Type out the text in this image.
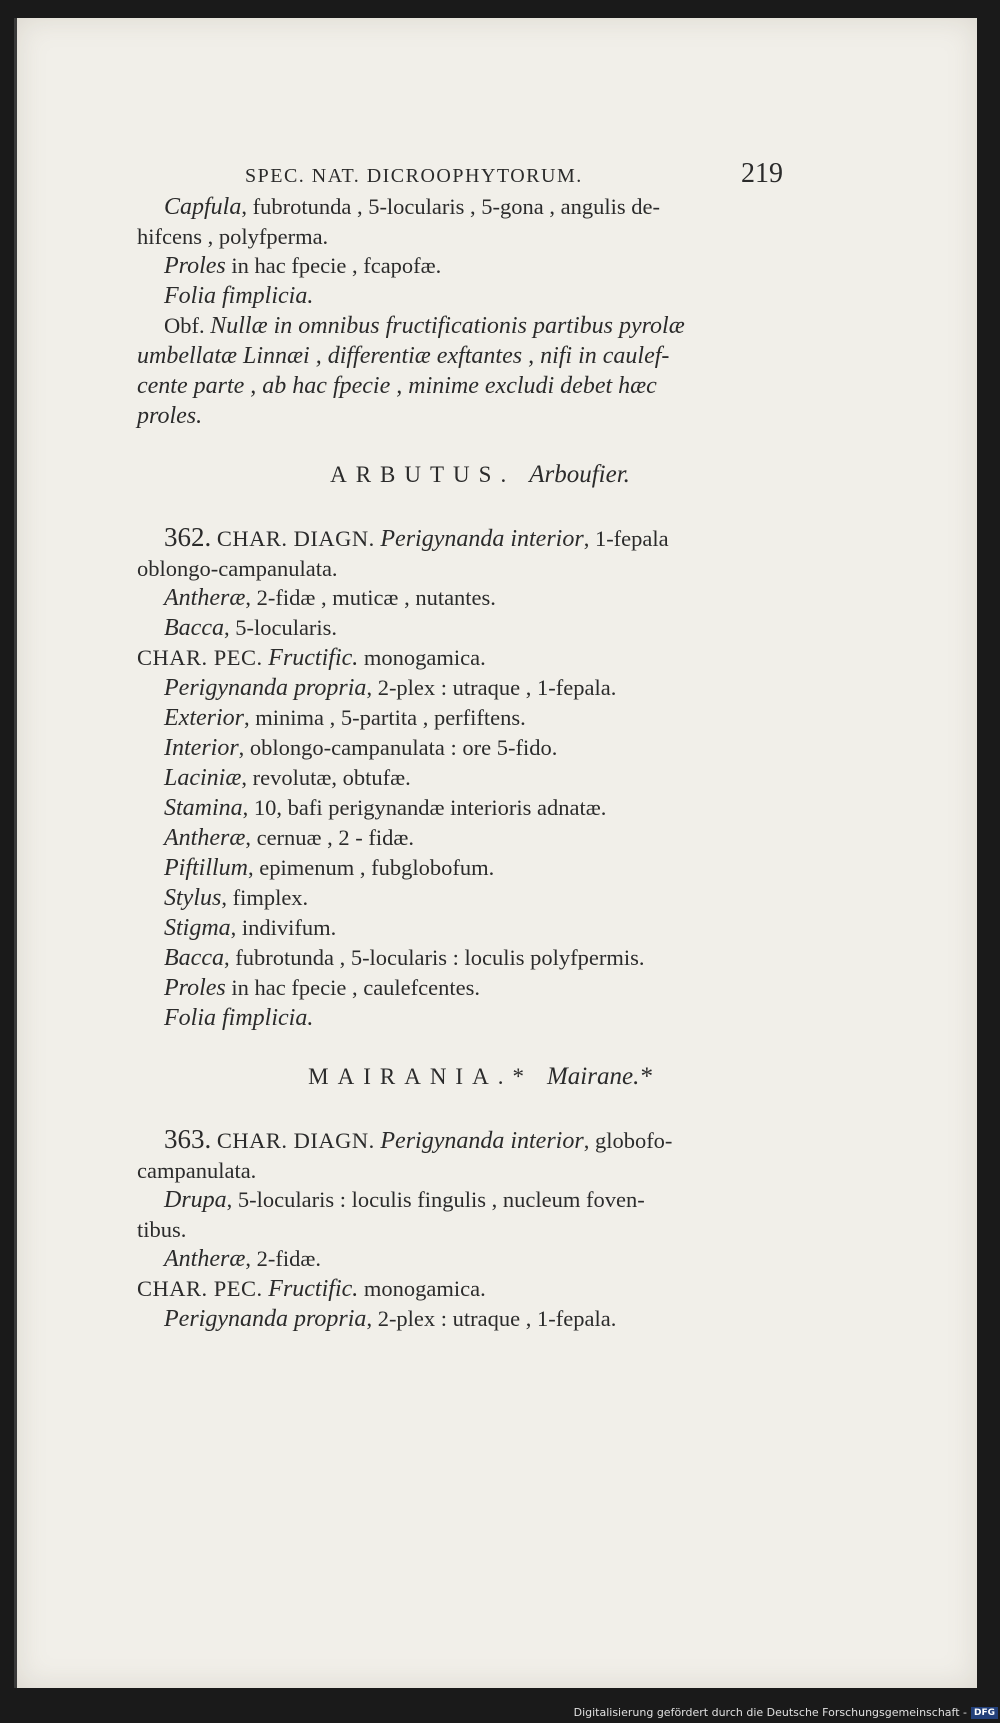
SPEC. NAT. DICROOPHYTORUM.	219
Capfula, fubrotunda , 5-locularis , 5-gona , angulis de-
hifcens , polyfperma.
Proles in hac fpecie , fcapofæ.
Folia fimplicia.
Obf. Nullæ in omnibus fructificationis partibus pyrolæ
umbellatæ Linnæi , differentiæ exftantes , nifi in caulef-
cente parte , ab hac fpecie , minime excludi debet hæc
proles.
ARBUTUS. Arboufier.
362. CHAR. DIAGN. Perigynanda interior, 1-fepala
oblongo-campanulata.
Antheræ, 2-fidæ , muticæ , nutantes.
Bacca, 5-locularis.
CHAR. PEC. Fructific. monogamica.
Perigynanda propria, 2-plex : utraque , 1-fepala.
Exterior, minima , 5-partita , perfiftens.
Interior, oblongo-campanulata : ore 5-fido.
Laciniæ, revolutæ, obtufæ.
Stamina, 10, bafi perigynandæ interioris adnatæ.
Antheræ, cernuæ , 2 - fidæ.
Piftillum, epimenum , fubglobofum.
Stylus, fimplex.
Stigma, indivifum.
Bacca, fubrotunda , 5-locularis : loculis polyfpermis.
Proles in hac fpecie , caulefcentes.
Folia fimplicia.
MAIRANIA.* Mairane.*
363. CHAR. DIAGN. Perigynanda interior, globofo-
campanulata.
Drupa, 5-locularis : loculis fingulis , nucleum foven-
tibus.
Antheræ, 2-fidæ.
CHAR. PEC. Fructific. monogamica.
Perigynanda propria, 2-plex : utraque , 1-fepala.
Digitalisierung gefördert durch die Deutsche Forschungsgemeinschaft - DFG
